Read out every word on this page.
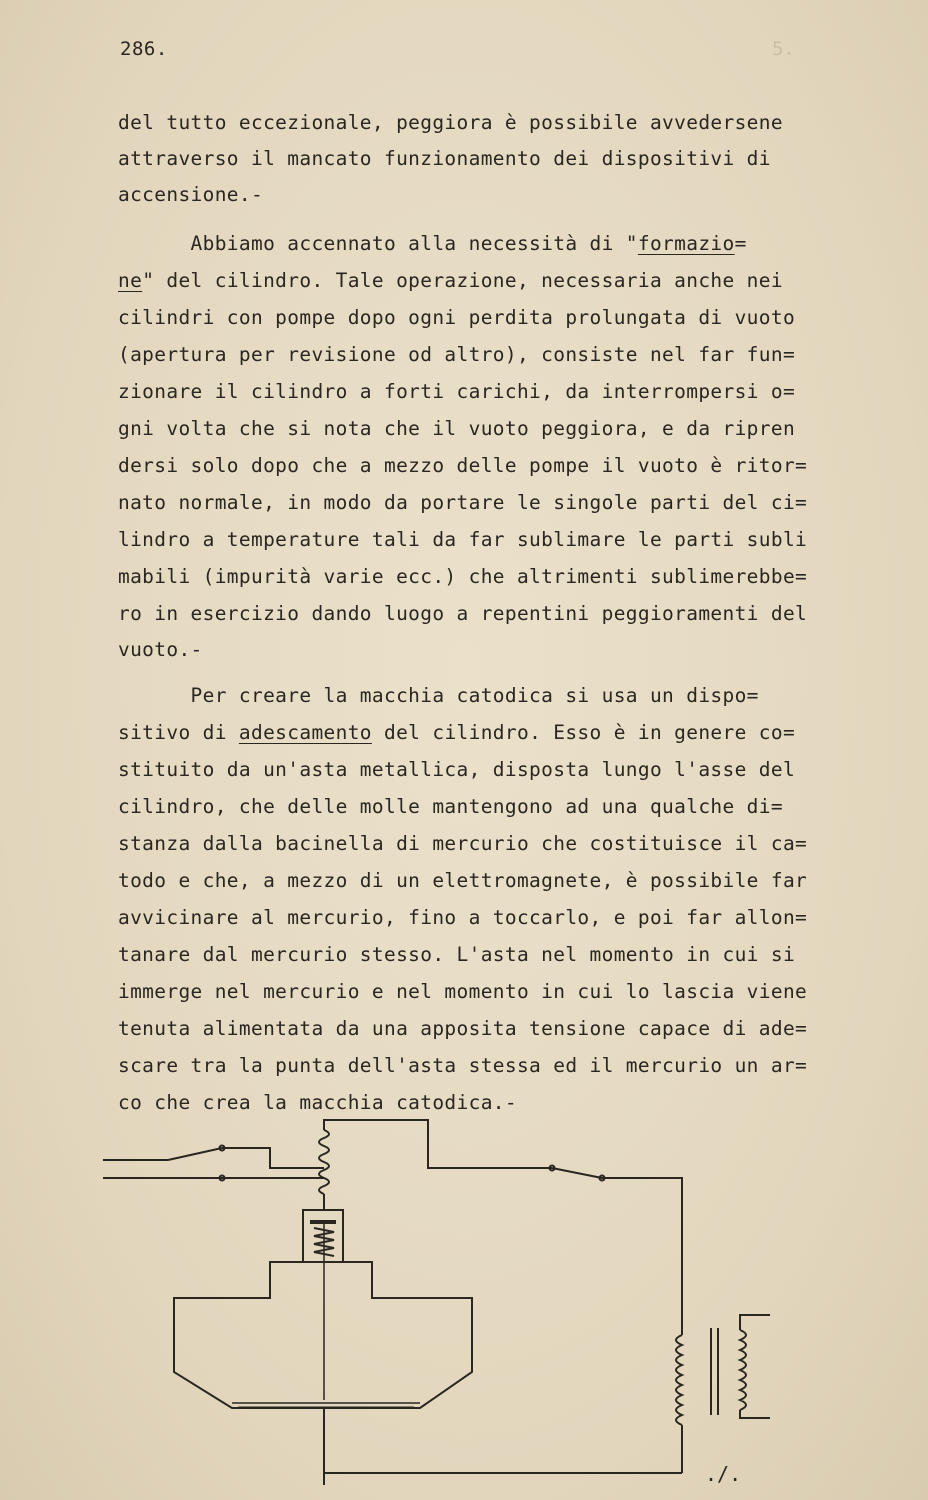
286.	5.
del tutto eccezionale, peggiora è possibile avvedersene
attraverso il mancato funzionamento dei dispositivi di
accensione.-
Abbiamo accennato alla necessità di "formazio=
ne" del cilindro. Tale operazione, necessaria anche nei
cilindri con pompe dopo ogni perdita prolungata di vuoto
(apertura per revisione od altro), consiste nel far fun=
zionare il cilindro a forti carichi, da interrompersi o=
gni volta che si nota che il vuoto peggiora, e da ripren
dersi solo dopo che a mezzo delle pompe il vuoto è ritor=
nato normale, in modo da portare le singole parti del ci=
lindro a temperature tali da far sublimare le parti subli
mabili (impurità varie ecc.) che altrimenti sublimerebbe=
ro in esercizio dando luogo a repentini peggioramenti del
vuoto.-
Per creare la macchia catodica si usa un dispo=
sitivo di adescamento del cilindro. Esso è in genere co=
stituito da un'asta metallica, disposta lungo l'asse del
cilindro, che delle molle mantengono ad una qualche di=
stanza dalla bacinella di mercurio che costituisce il ca=
todo e che, a mezzo di un elettromagnete, è possibile far
avvicinare al mercurio, fino a toccarlo, e poi far allon=
tanare dal mercurio stesso. L'asta nel momento in cui si
immerge nel mercurio e nel momento in cui lo lascia viene
tenuta alimentata da una apposita tensione capace di ade=
scare tra la punta dell'asta stessa ed il mercurio un ar=
co che crea la macchia catodica.-
./.
